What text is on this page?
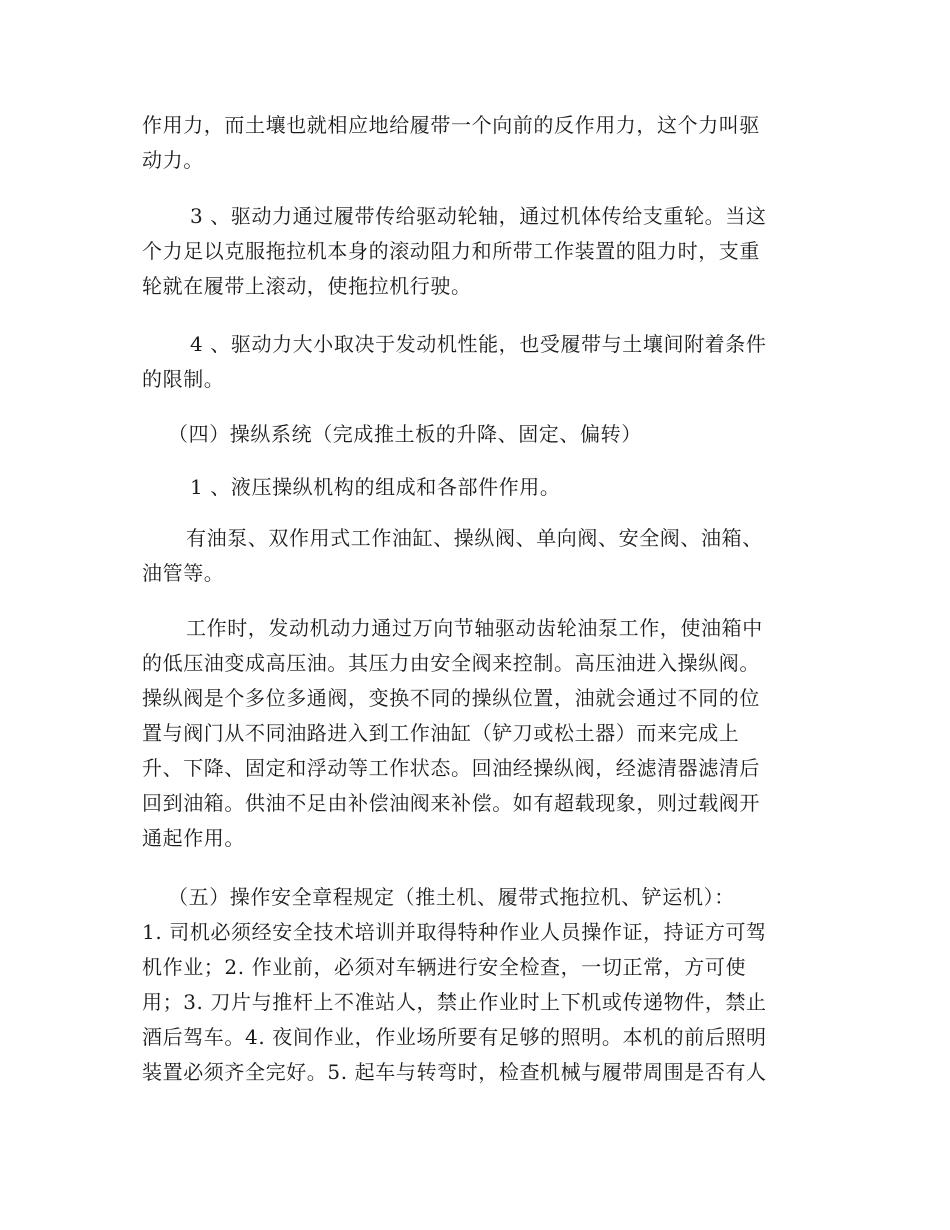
作用力，而土壤也就相应地给履带一个向前的反作用力，这个力叫驱
动力。
3 、驱动力通过履带传给驱动轮轴，通过机体传给支重轮。当这
个力足以克服拖拉机本身的滚动阻力和所带工作装置的阻力时，支重
轮就在履带上滚动，使拖拉机行驶。
4 、驱动力大小取决于发动机性能，也受履带与土壤间附着条件
的限制。
（四）操纵系统（完成推土板的升降、固定、偏转）
1 、液压操纵机构的组成和各部件作用。
有油泵、双作用式工作油缸、操纵阀、单向阀、安全阀、油箱、
油管等。
工作时，发动机动力通过万向节轴驱动齿轮油泵工作，使油箱中
的低压油变成高压油。其压力由安全阀来控制。高压油进入操纵阀。
操纵阀是个多位多通阀，变换不同的操纵位置，油就会通过不同的位
置与阀门从不同油路进入到工作油缸（铲刀或松土器）而来完成上
升、下降、固定和浮动等工作状态。回油经操纵阀，经滤清器滤清后
回到油箱。供油不足由补偿油阀来补偿。如有超载现象，则过载阀开
通起作用。
（五）操作安全章程规定（推土机、履带式拖拉机、铲运机）：
1. 司机必须经安全技术培训并取得特种作业人员操作证，持证方可驾
机作业；2. 作业前，必须对车辆进行安全检查，一切正常，方可使
用；3. 刀片与推杆上不准站人，禁止作业时上下机或传递物件，禁止
酒后驾车。4. 夜间作业，作业场所要有足够的照明。本机的前后照明
装置必须齐全完好。5. 起车与转弯时，检查机械与履带周围是否有人
